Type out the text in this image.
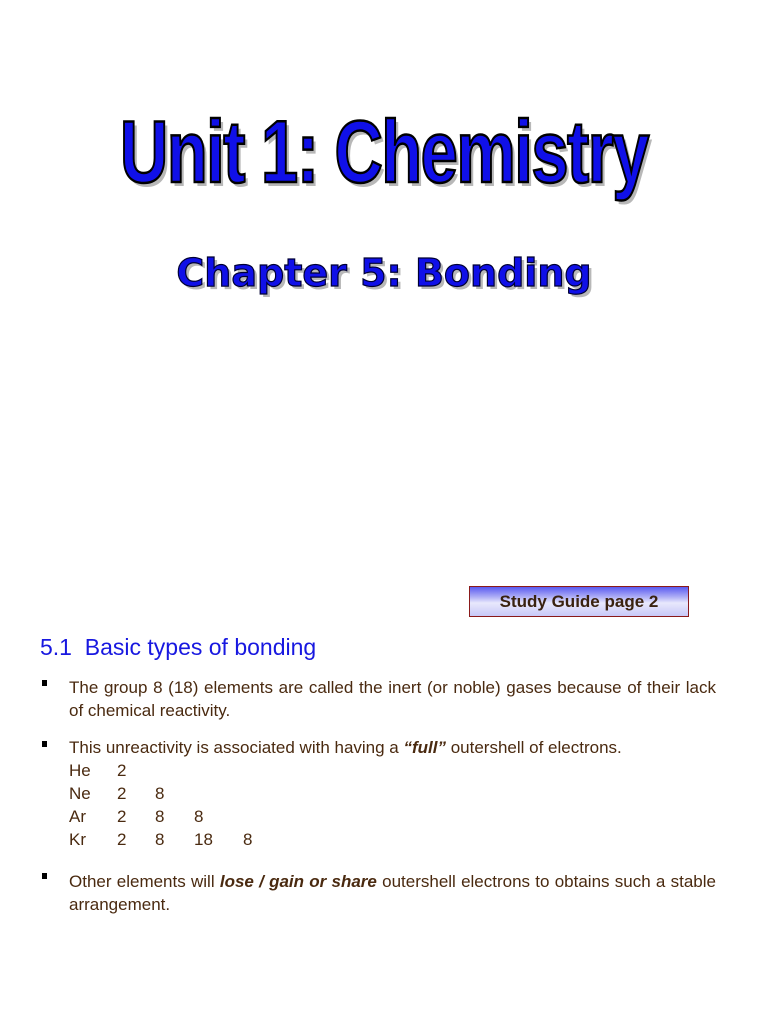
Unit 1: Chemistry
Chapter 5: Bonding
Study Guide page 2
5.1  Basic types of bonding
The group 8 (18) elements are called the inert (or noble) gases because of their lack of chemical reactivity.
This unreactivity is associated with having a “full” outershell of electrons.
He 2
Ne 2 8
Ar 2 8 8
Kr 2 8 18 8
Other elements will lose / gain or share outershell electrons to obtains such a stable arrangement.
